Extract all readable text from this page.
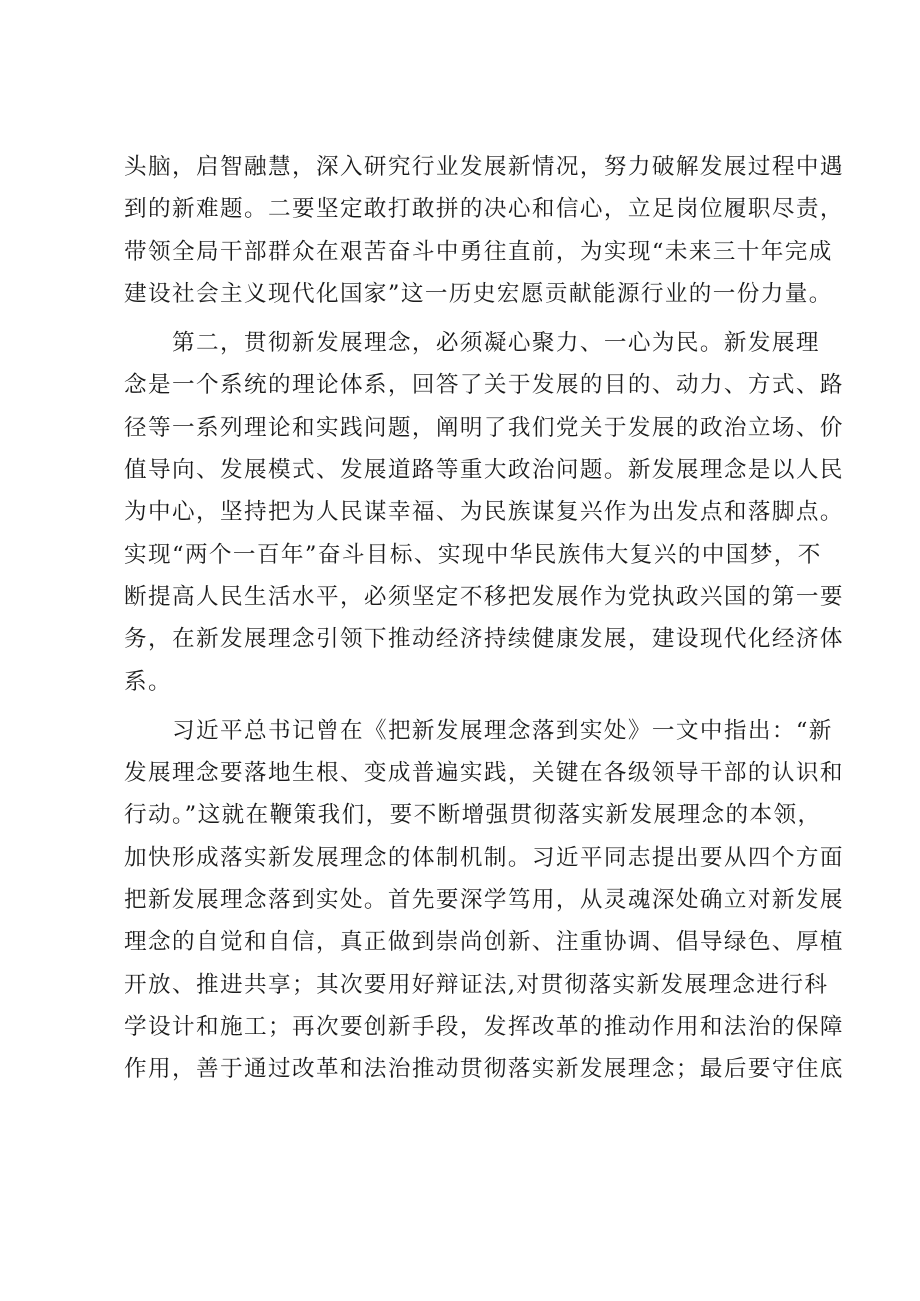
头脑，启智融慧，深入研究行业发展新情况，努力破解发展过程中遇
到的新难题。二要坚定敢打敢拼的决心和信心，立足岗位履职尽责，
带领全局干部群众在艰苦奋斗中勇往直前，为实现“未来三十年完成
建设社会主义现代化国家”这一历史宏愿贡献能源行业的一份力量。
第二，贯彻新发展理念，必须凝心聚力、一心为民。新发展理
念是一个系统的理论体系，回答了关于发展的目的、动力、方式、路
径等一系列理论和实践问题，阐明了我们党关于发展的政治立场、价
值导向、发展模式、发展道路等重大政治问题。新发展理念是以人民
为中心，坚持把为人民谋幸福、为民族谋复兴作为出发点和落脚点。
实现“两个一百年”奋斗目标、实现中华民族伟大复兴的中国梦，不
断提高人民生活水平，必须坚定不移把发展作为党执政兴国的第一要
务，在新发展理念引领下推动经济持续健康发展，建设现代化经济体
系。
习近平总书记曾在《把新发展理念落到实处》一文中指出：“新
发展理念要落地生根、变成普遍实践，关键在各级领导干部的认识和
行动。”这就在鞭策我们，要不断增强贯彻落实新发展理念的本领，
加快形成落实新发展理念的体制机制。习近平同志提出要从四个方面
把新发展理念落到实处。首先要深学笃用，从灵魂深处确立对新发展
理念的自觉和自信，真正做到崇尚创新、注重协调、倡导绿色、厚植
开放、推进共享；其次要用好辩证法,对贯彻落实新发展理念进行科
学设计和施工；再次要创新手段，发挥改革的推动作用和法治的保障
作用，善于通过改革和法治推动贯彻落实新发展理念；最后要守住底
